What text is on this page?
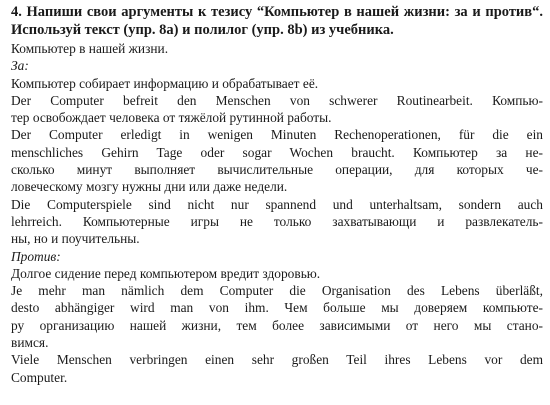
4. Напиши свои аргументы к тезису “Компьютер в нашей жизни: за и против“. Используй текст (упр. 8а) и полилог (упр. 8b) из учебника.

Компьютер в нашей жизни.

За:

Компьютер собирает информацию и обрабатывает её.

Der Computer befreit den Menschen von schwerer Routinearbeit. Компью-

тер освобождает человека от тяжёлой рутинной работы.

Der Computer erledigt in wenigen Minuten Rechenoperationen, für die ein

menschliches Gehirn Tage oder sogar Wochen braucht. Компьютер за не-

сколько минут выполняет вычислительные операции, для которых че-

ловеческому мозгу нужны дни или даже недели.

Die Computerspiele sind nicht nur spannend und unterhaltsam, sondern auch

lehrreich. Компьютерные игры не только захватывающи и развлекатель-

ны, но и поучительны.

Против:

Долгое сидение перед компьютером вредит здоровью.

Je mehr man nämlich dem Computer die Organisation des Lebens überläßt,

desto abhängiger wird man von ihm. Чем больше мы доверяем компьюте-

ру организацию нашей жизни, тем более зависимыми от него мы стано-

вимся.

Viele Menschen verbringen einen sehr großen Teil ihres Lebens vor dem

Computer.
